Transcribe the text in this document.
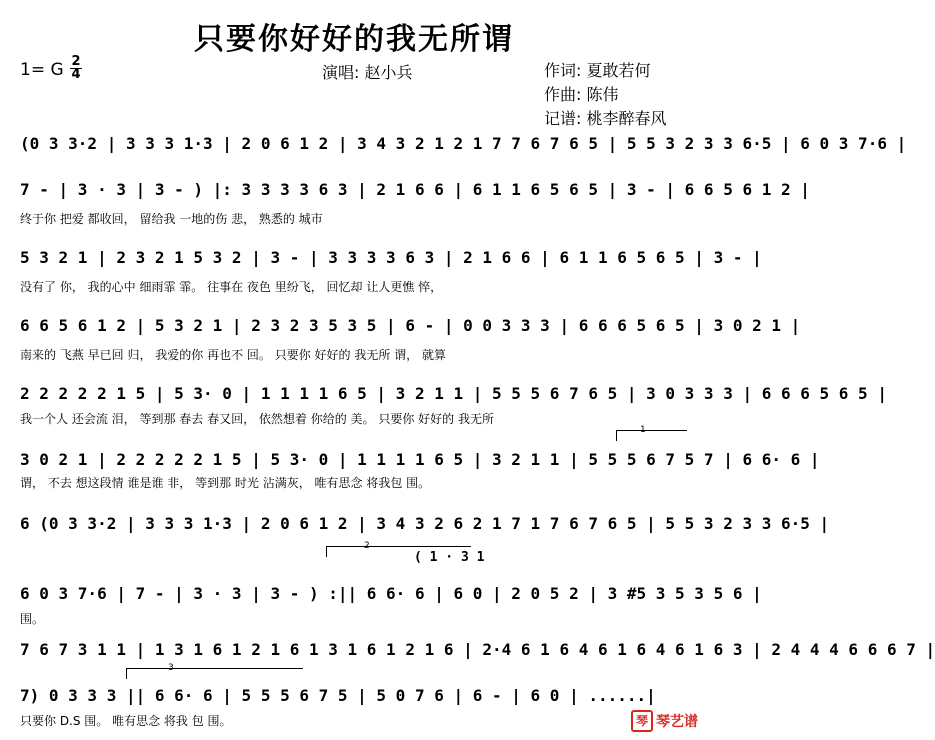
只要你好好的我无所谓
1= G 2
4	演唱: 赵小兵	作词: 夏敢若何
作曲: 陈伟
记谱: 桃李醉春风
(0 3 3·2 | 3 3 3 1·3 | 2 0 6 1 2 | 3 4 3 2 1 2 1 7 7 6 7 6 5 | 5 5 3 2 3 3 6·5 | 6 0 3 7·6 |
7 - | 3 · 3 | 3 - ) |: 3 3 3 3 6 3 | 2 1 6 6 | 6 1 1 6 5 6 5 | 3 - | 6 6 5 6 1 2 |
终于你 把爱 都收回， 留给我 一地的伤 悲， 熟悉的 城市
5 3 2 1 | 2 3 2 1 5 3 2 | 3 - | 3 3 3 3 6 3 | 2 1 6 6 | 6 1 1 6 5 6 5 | 3 - |
没有了 你， 我的心中 细雨霏 霏。 往事在 夜色 里纷飞， 回忆却 让人更憔 悴，
6 6 5 6 1 2 | 5 3 2 1 | 2 3 2 3 5 3 5 | 6 - | 0 0 3 3 3 | 6 6 6 5 6 5 | 3 0 2 1 |
南来的 飞燕 早已回 归， 我爱的你 再也不 回。 只要你 好好的 我无所 谓， 就算
2 2 2 2 2 1 5 | 5 3· 0 | 1 1 1 1 6 5 | 3 2 1 1 | 5 5 5 6 7 6 5 | 3 0 3 3 3 | 6 6 6 5 6 5 |
我一个人 还会流 泪， 等到那 春去 春又回， 依然想着 你给的 美。 只要你 好好的 我无所
3 0 2 1 | 2 2 2 2 2 1 5 | 5 3· 0 | 1 1 1 1 6 5 | 3 2 1 1 | 5 5 5 6 7 5 7 | 6 6· 6 |
谓， 不去 想这段情 谁是谁 非， 等到那 时光 沾满灰， 唯有思念 将我包 围。
6 (0 3 3·2 | 3 3 3 1·3 | 2 0 6 1 2 | 3 4 3 2 6 2 1 7 1 7 6 7 6 5 | 5 5 3 2 3 3 6·5 |
2
( 1 · 3 1
6 0 3 7·6 | 7 - | 3 · 3 | 3 - ) :|| 6 6· 6 | 6 0 | 2 0 5 2 | 3 #5 3 5 3 5 6 |
围。
7 6 7 3 1 1 | 1 3 1 6 1 2 1 6 1 3 1 6 1 2 1 6 | 2·4 6 1 6 4 6 1 6 4 6 1 6 3 | 2 4 4 4 6 6 6 7 |
3
1
7) 0 3 3 3 || 6 6· 6 | 5 5 5 6 7 5 | 5 0 7 6 | 6 - | 6 0 | ......|
只要你 D.S 围。 唯有思念 将我 包 围。	琴 琴艺谱
